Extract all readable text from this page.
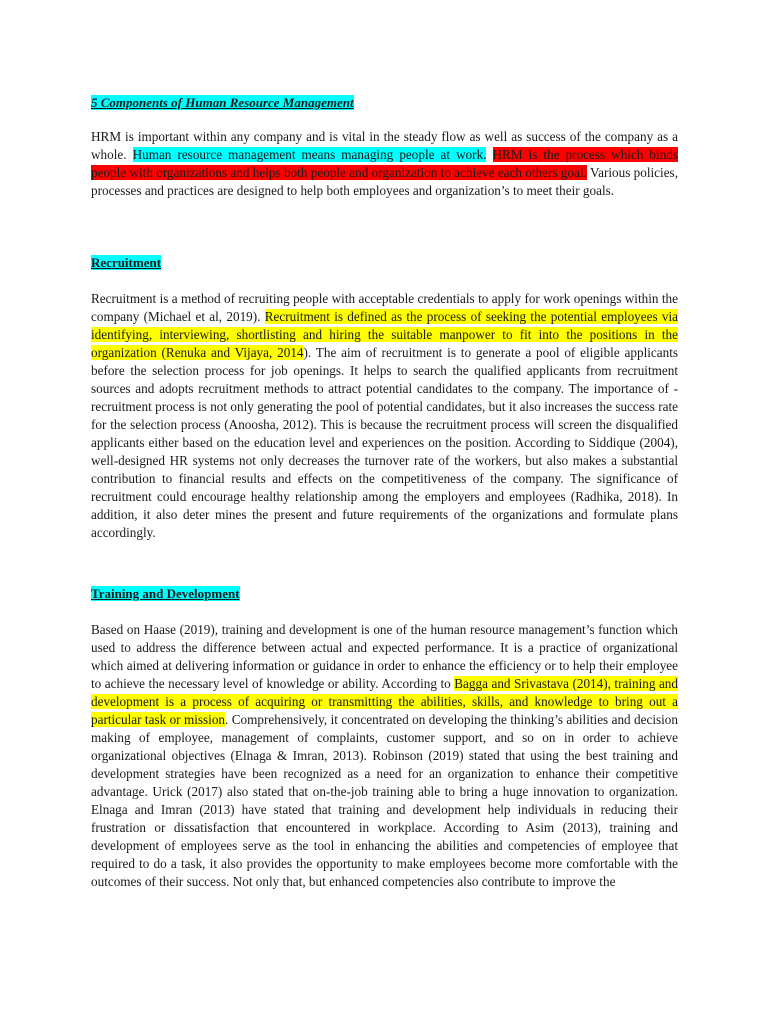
5 Components of Human Resource Management

HRM is important within any company and is vital in the steady flow as well as success of the company as a whole. Human resource management means managing people at work. HRM is the process which binds people with organizations and helps both people and organization to achieve each others goal. Various policies, processes and practices are designed to help both employees and organization’s to meet their goals.

Recruitment

Recruitment is a method of recruiting people with acceptable credentials to apply for work openings within the company (Michael et al, 2019). Recruitment is defined as the process of seeking the potential employees via identifying, interviewing, shortlisting and hiring the suitable manpower to fit into the positions in the organization (Renuka and Vijaya, 2014). The aim of recruitment is to generate a pool of eligible applicants before the selection process for job openings. It helps to search the qualified applicants from recruitment sources and adopts recruitment methods to attract potential candidates to the company. The importance of - recruitment process is not only generating the pool of potential candidates, but it also increases the success rate for the selection process (Anoosha, 2012). This is because the recruitment process will screen the disqualified applicants either based on the education level and experiences on the position. According to Siddique (2004), well-designed HR systems not only decreases the turnover rate of the workers, but also makes a substantial contribution to financial results and effects on the competitiveness of the company. The significance of recruitment could encourage healthy relationship among the employers and employees (Radhika, 2018). In addition, it also deter mines the present and future requirements of the organizations and formulate plans accordingly.

Training and Development

Based on Haase (2019), training and development is one of the human resource management’s function which used to address the difference between actual and expected performance. It is a practice of organizational which aimed at delivering information or guidance in order to enhance the efficiency or to help their employee to achieve the necessary level of knowledge or ability. According to Bagga and Srivastava (2014), training and development is a process of acquiring or transmitting the abilities, skills, and knowledge to bring out a particular task or mission. Comprehensively, it concentrated on developing the thinking’s abilities and decision making of employee, management of complaints, customer support, and so on in order to achieve organizational objectives (Elnaga & Imran, 2013). Robinson (2019) stated that using the best training and development strategies have been recognized as a need for an organization to enhance their competitive advantage. Urick (2017) also stated that on-the-job training able to bring a huge innovation to organization. Elnaga and Imran (2013) have stated that training and development help individuals in reducing their frustration or dissatisfaction that encountered in workplace. According to Asim (2013), training and development of employees serve as the tool in enhancing the abilities and competencies of employee that required to do a task, it also provides the opportunity to make employees become more comfortable with the outcomes of their success. Not only that, but enhanced competencies also contribute to improve the
